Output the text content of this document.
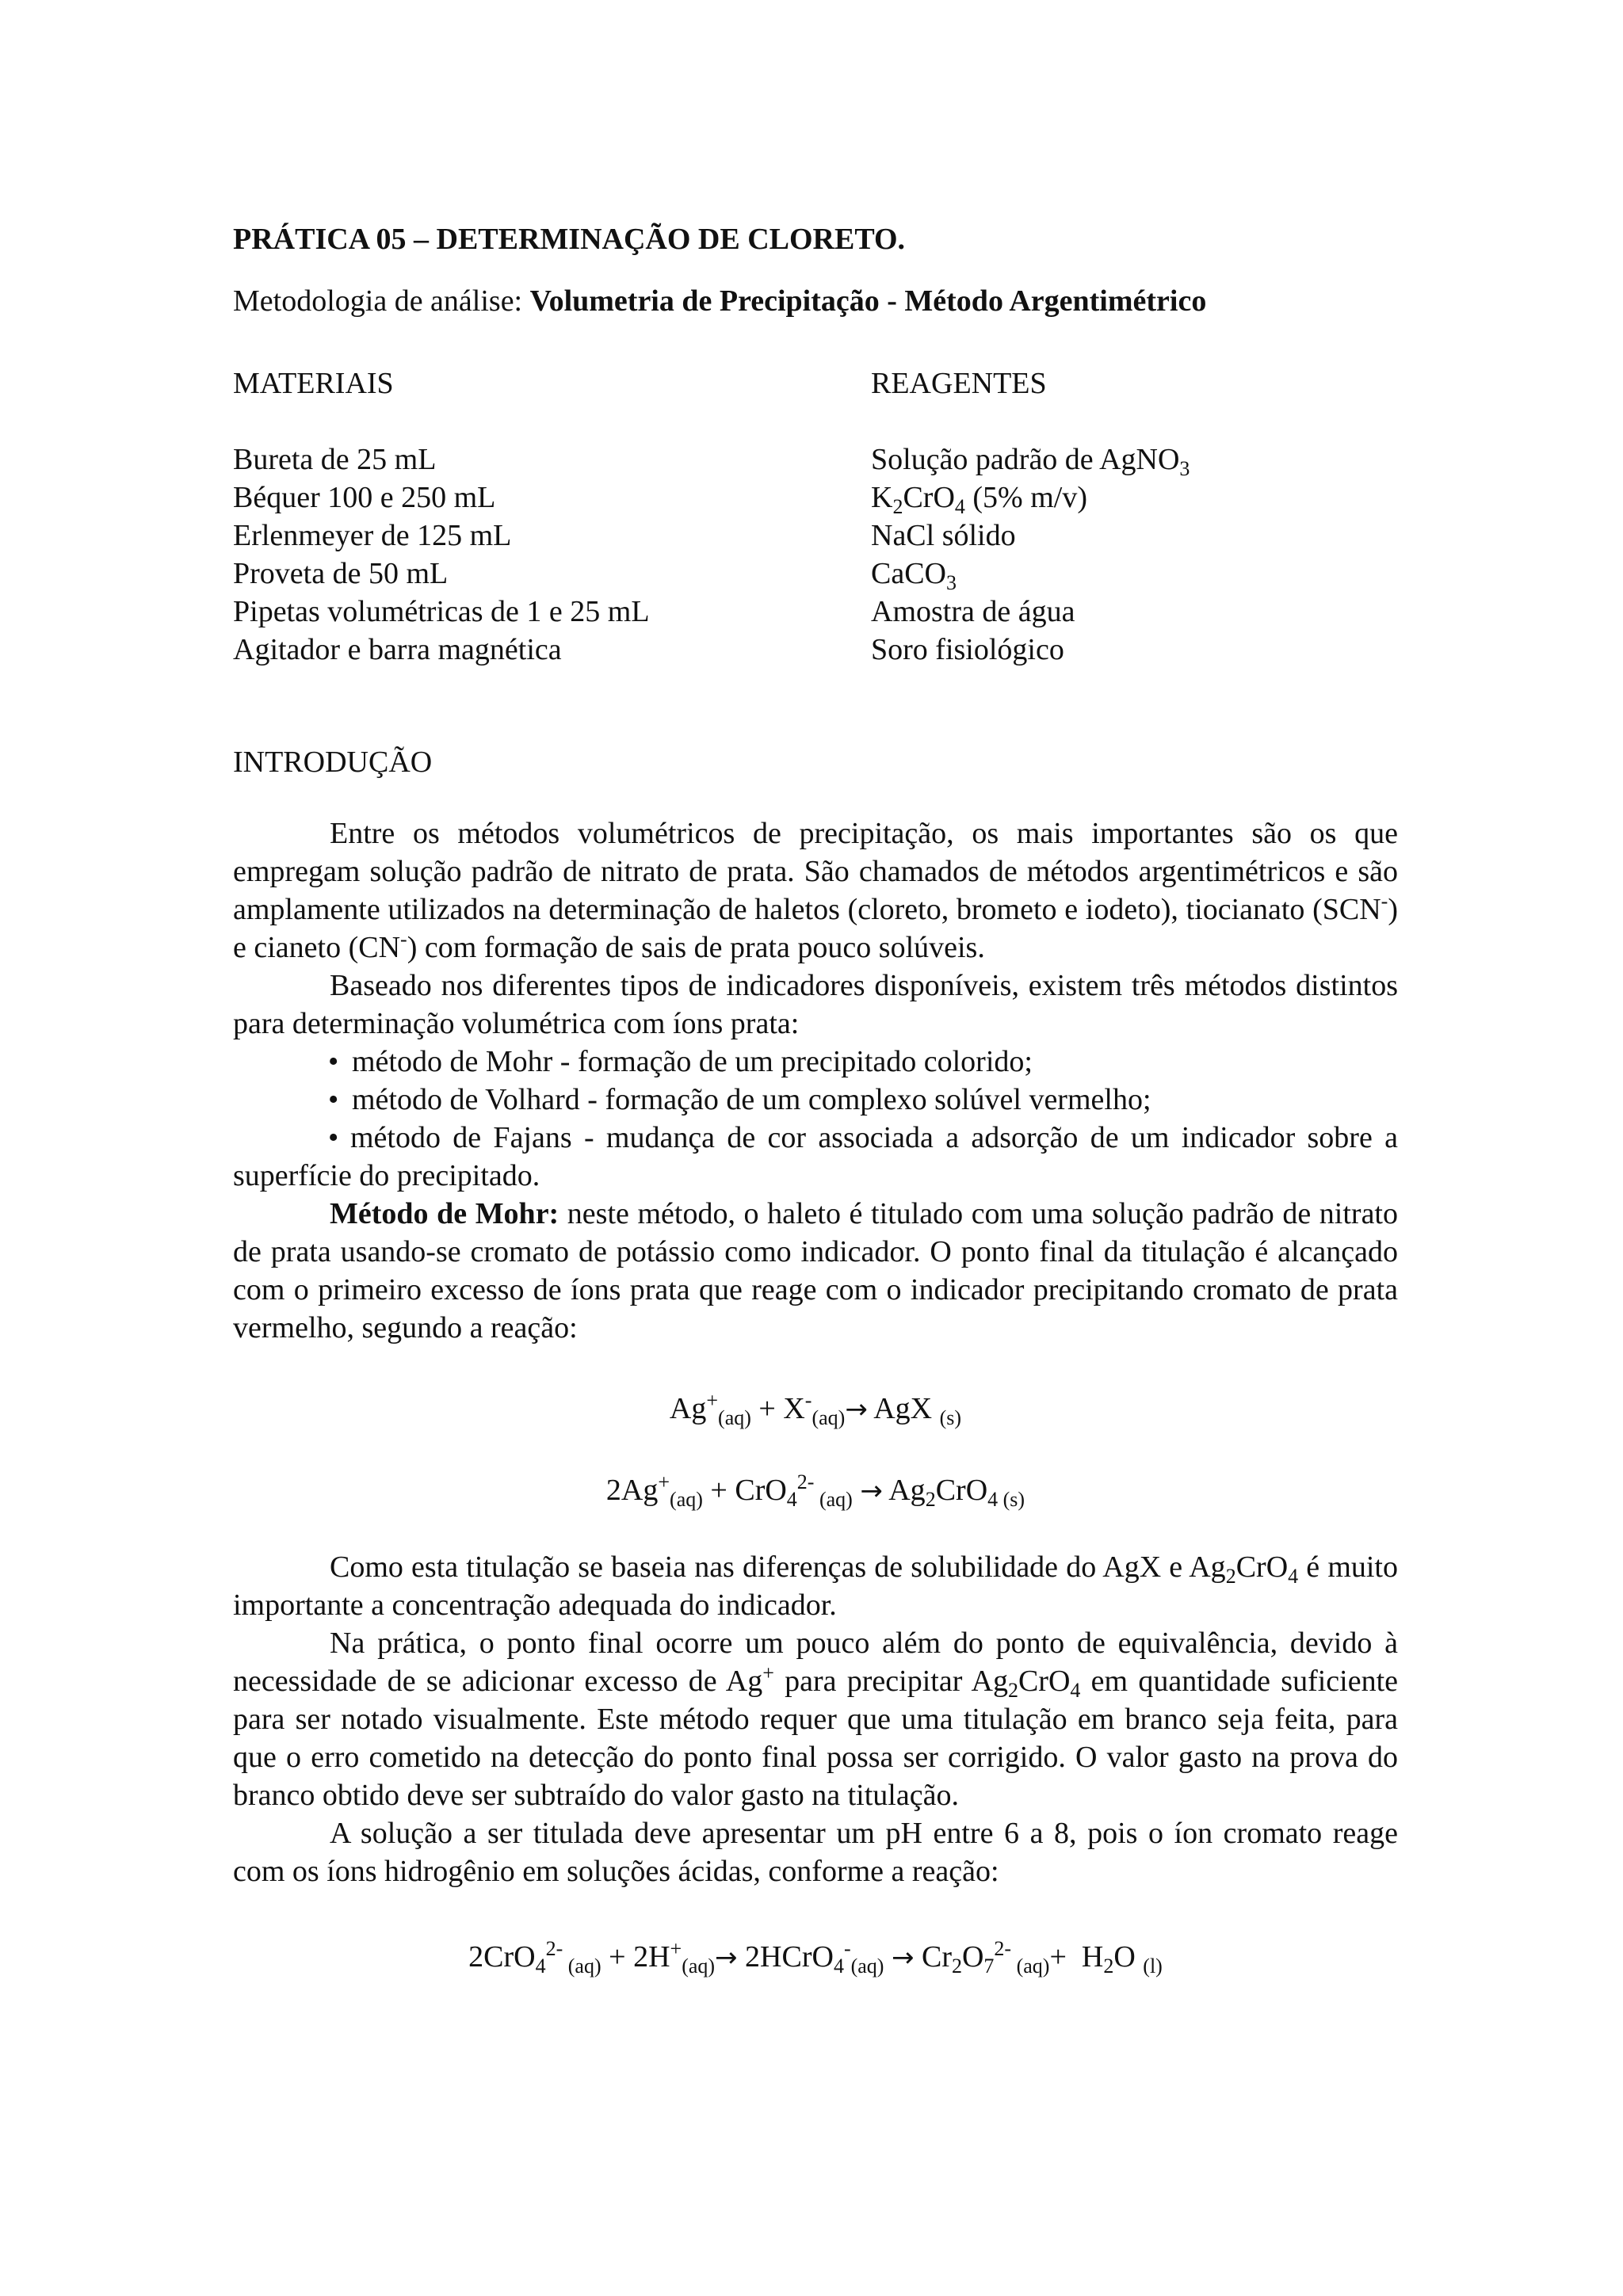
PRÁTICA 05 – DETERMINAÇÃO DE CLORETO.

Metodologia de análise: Volumetria de Precipitação - Método Argentimétrico

MATERIAIS
Bureta de 25 mL
Béquer 100 e 250 mL
Erlenmeyer de 125 mL
Proveta de 50 mL
Pipetas volumétricas de 1 e 25 mL
Agitador e barra magnética
REAGENTES
Solução padrão de AgNO$_3$
$K_2CrO_4$ (5% m/v)
NaCl sólido
CaCO$_3$
Amostra de água
Soro fisiológico

INTRODUÇÃO

Entre os métodos volumétricos de precipitação, os mais importantes são os que empregam solução padrão de nitrato de prata. São chamados de métodos argentimétricos e são amplamente utilizados na determinação de haletos (cloreto, brometo e iodeto), tiocianato (SCN-) e cianeto (CN-) com formação de sais de prata pouco solúveis.

Baseado nos diferentes tipos de indicadores disponíveis, existem três métodos distintos para determinação volumétrica com íons prata:

• método de Mohr - formação de um precipitado colorido;
• método de Volhard - formação de um complexo solúvel vermelho;
• método de Fajans - mudança de cor associada a adsorção de um indicador sobre a superfície do precipitado.

Método de Mohr: neste método, o haleto é titulado com uma solução padrão de nitrato de prata usando-se cromato de potássio como indicador. O ponto final da titulação é alcançado com o primeiro excesso de íons prata que reage com o indicador precipitando cromato de prata vermelho, segundo a reação:

$Ag^+_{(aq)} + X^-_{(aq)}\to$ AgX $_{(s)}$

$2Ag^+_{(aq)} + CrO_4^{2-}$ $_{(aq)} \to Ag_2CrO_{4 (s)}$

Como esta titulação se baseia nas diferenças de solubilidade do AgX e $Ag_2CrO_4$ é muito importante a concentração adequada do indicador.

Na prática, o ponto final ocorre um pouco além do ponto de equivalência, devido à necessidade de se adicionar excesso de Ag+ para precipitar $Ag_2CrO_4$ em quantidade suficiente para ser notado visualmente. Este método requer que uma titulação em branco seja feita, para que o erro cometido na detecção do ponto final possa ser corrigido. O valor gasto na prova do branco obtido deve ser subtraído do valor gasto na titulação.

A solução a ser titulada deve apresentar um pH entre 6 a 8, pois o íon cromato reage com os íons hidrogênio em soluções ácidas, conforme a reação:

2CrO$_4^{2-}$ $_{(aq)} + 2H^+_{(aq)}\to$ 2HCrO$_4$-$_{(aq)}$ → $Cr_2O_7^{2-}$ $_{(aq)}+ H_2O$ $_{(l)}$
